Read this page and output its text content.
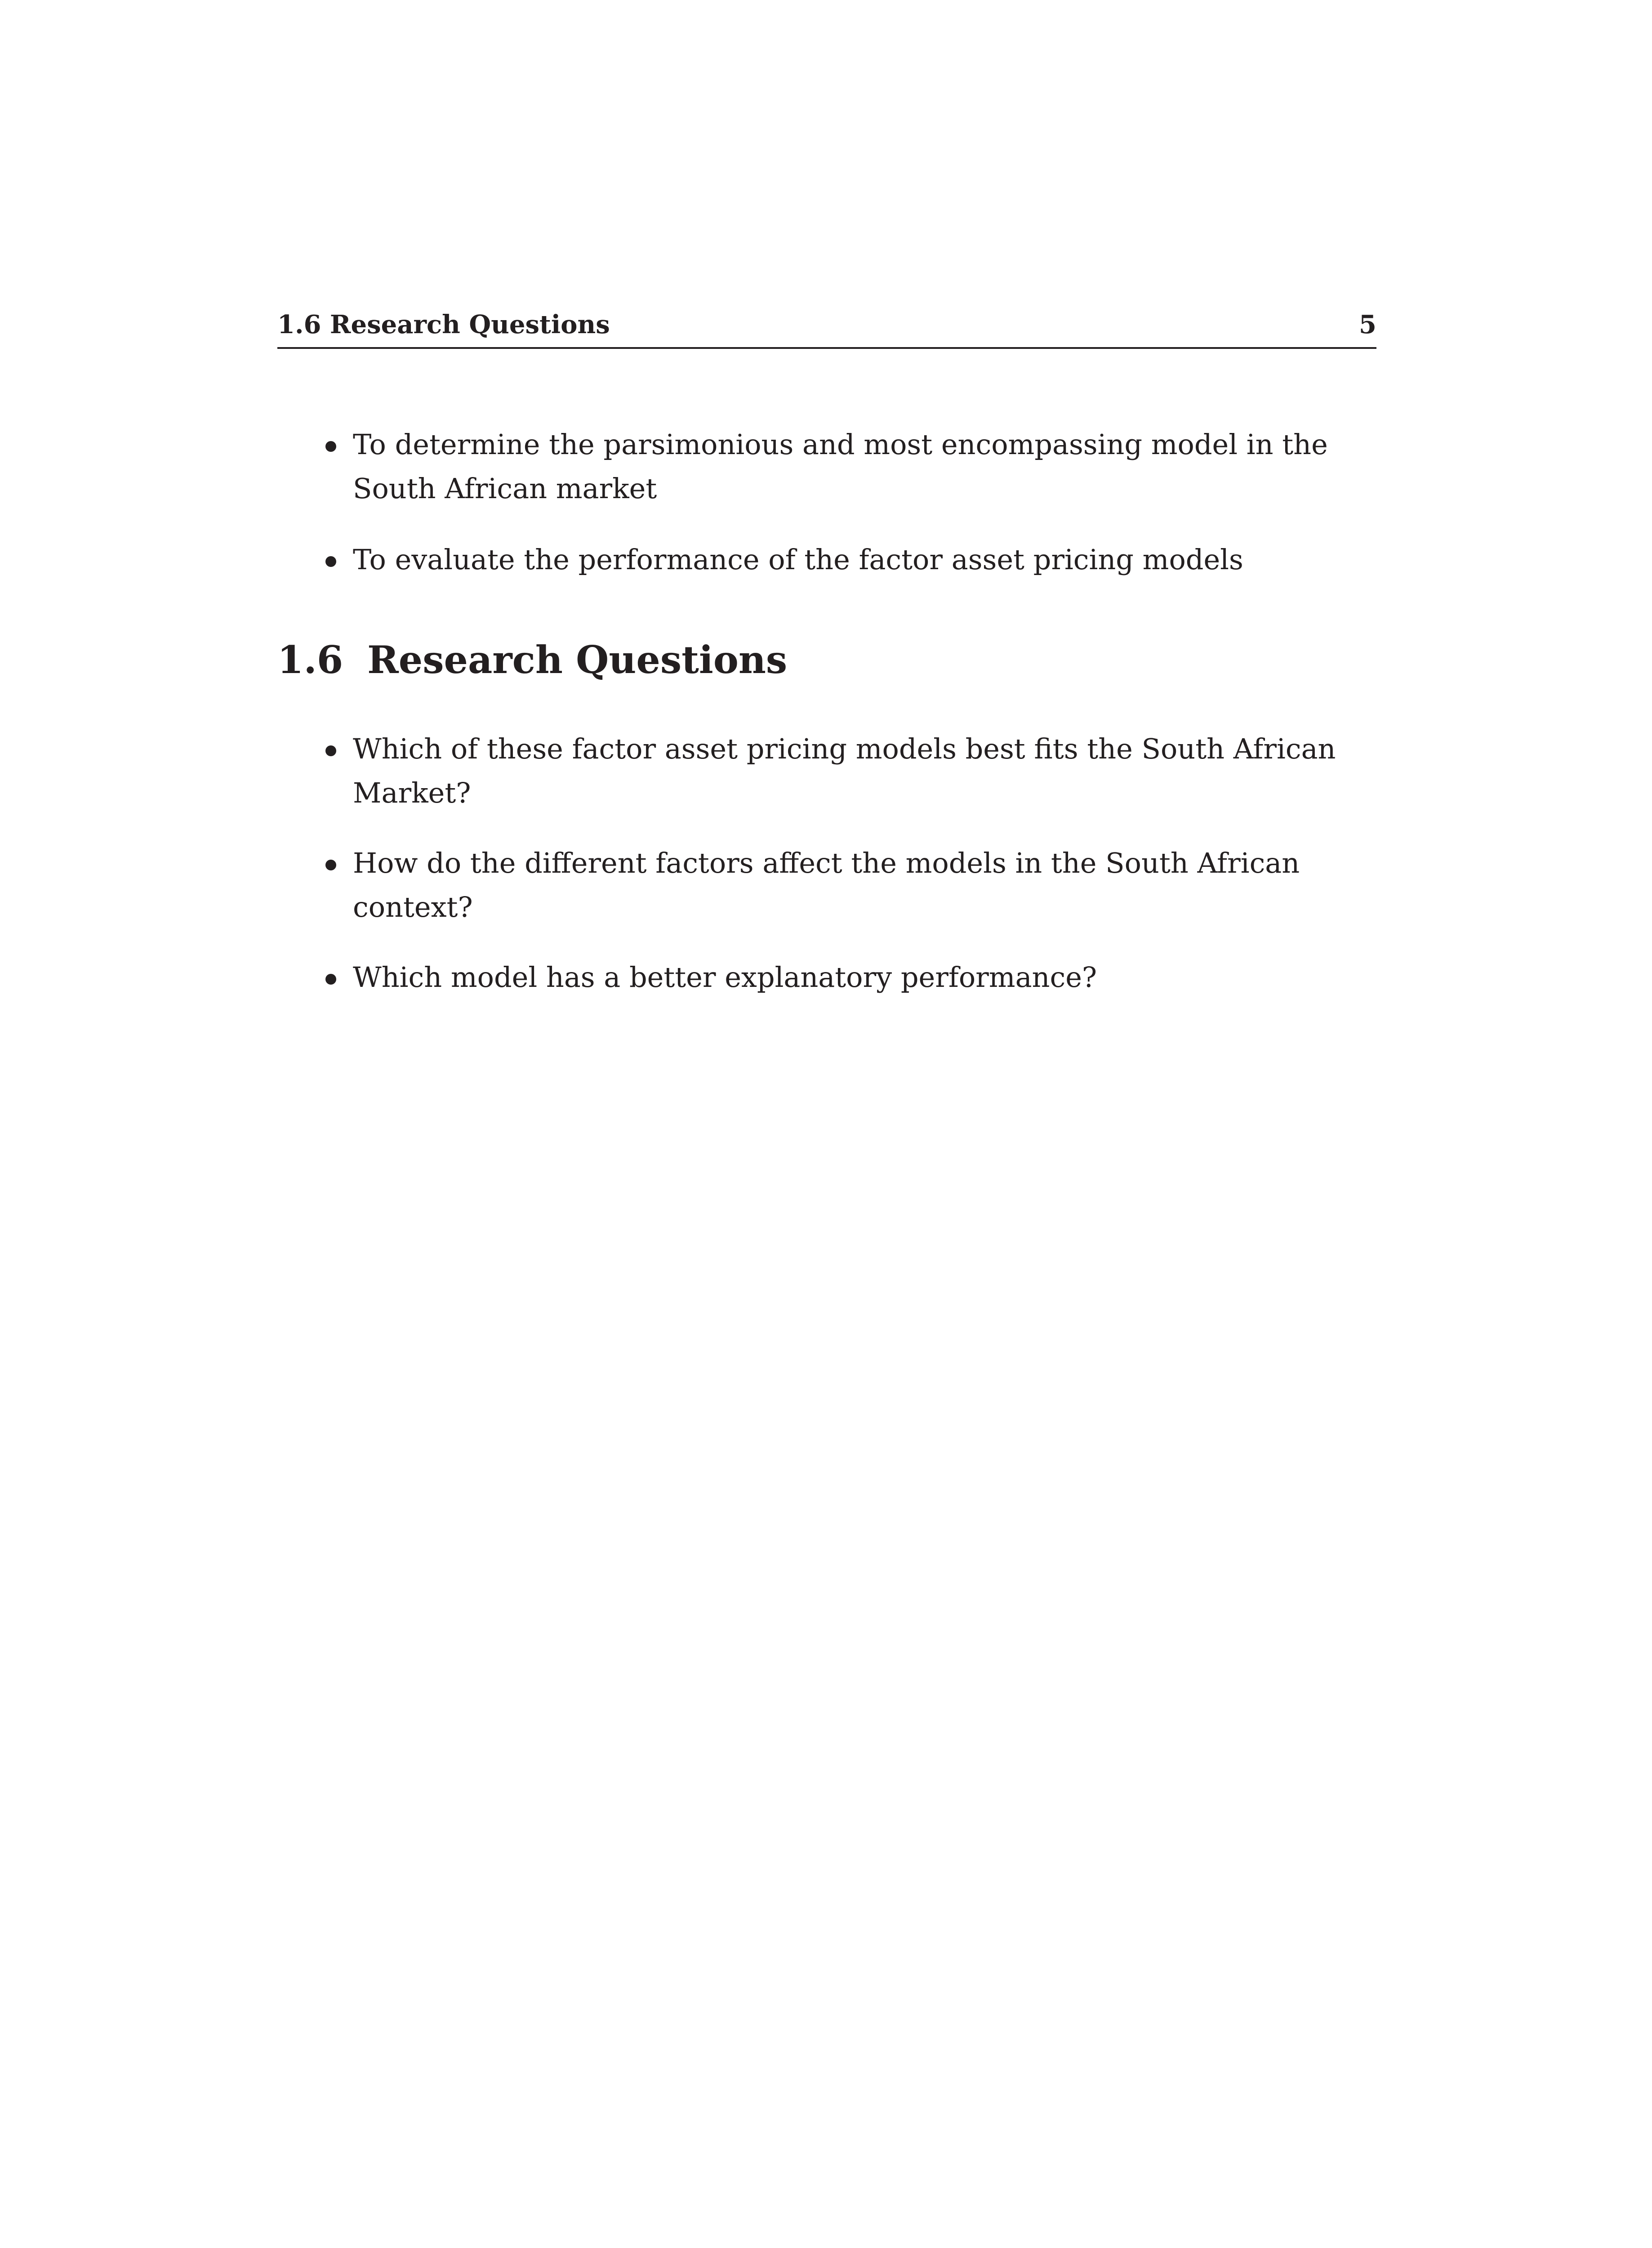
1.6 Research Questions	5
To determine the parsimonious and most encompassing model in the South African market
To evaluate the performance of the factor asset pricing models
1.6 Research Questions
Which of these factor asset pricing models best fits the South African Market?
How do the different factors affect the models in the South African context?
Which model has a better explanatory performance?
